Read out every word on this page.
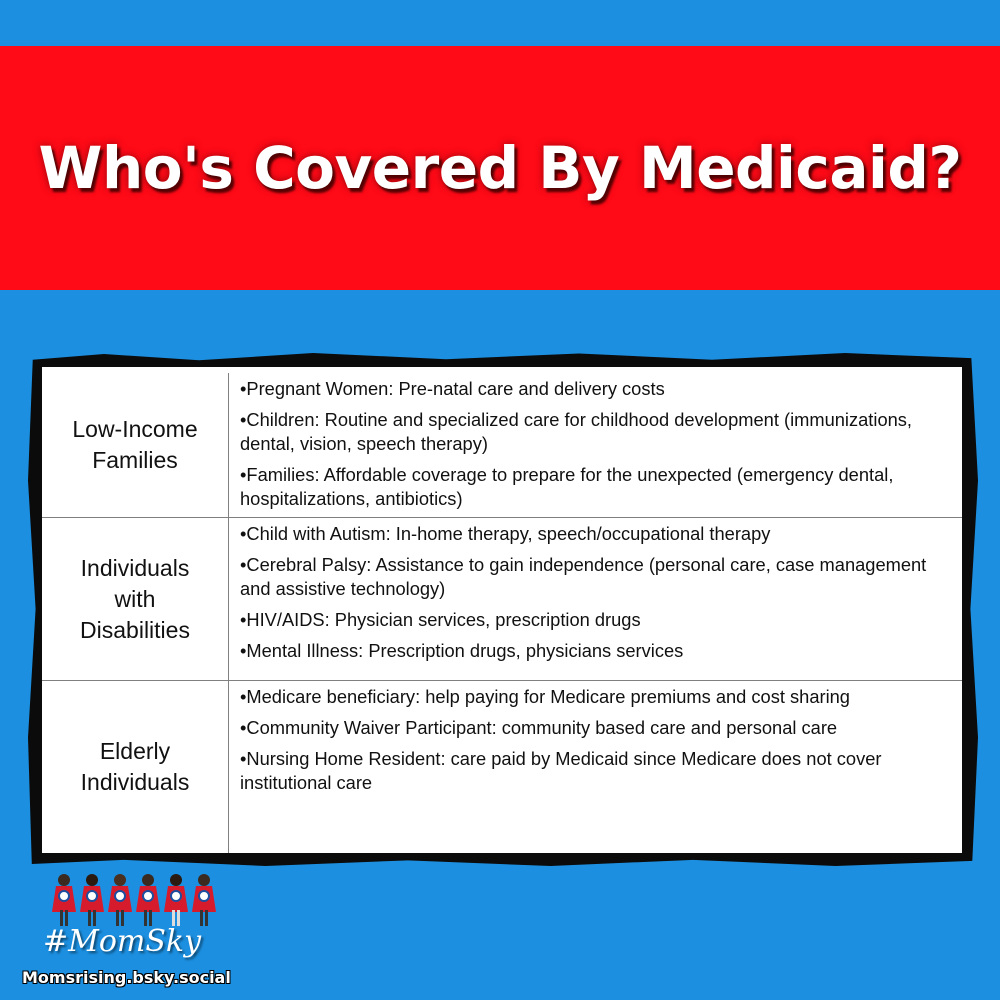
Who's Covered By Medicaid?
Low-Income
Families
•Pregnant Women: Pre-natal care and delivery costs
•Children: Routine and specialized care for childhood development (immunizations, dental, vision, speech therapy)
•Families: Affordable coverage to prepare for the unexpected (emergency dental, hospitalizations, antibiotics)
Individuals
with
Disabilities
•Child with Autism: In-home therapy, speech/occupational therapy
•Cerebral Palsy: Assistance to gain independence (personal care, case management and assistive technology)
•HIV/AIDS: Physician services, prescription drugs
•Mental Illness: Prescription drugs, physicians services
Elderly
Individuals
•Medicare beneficiary: help paying for Medicare premiums and cost sharing
•Community Waiver Participant: community based care and personal care
•Nursing Home Resident: care paid by Medicaid since Medicare does not cover institutional care
#MomSky
Momsrising.bsky.social
